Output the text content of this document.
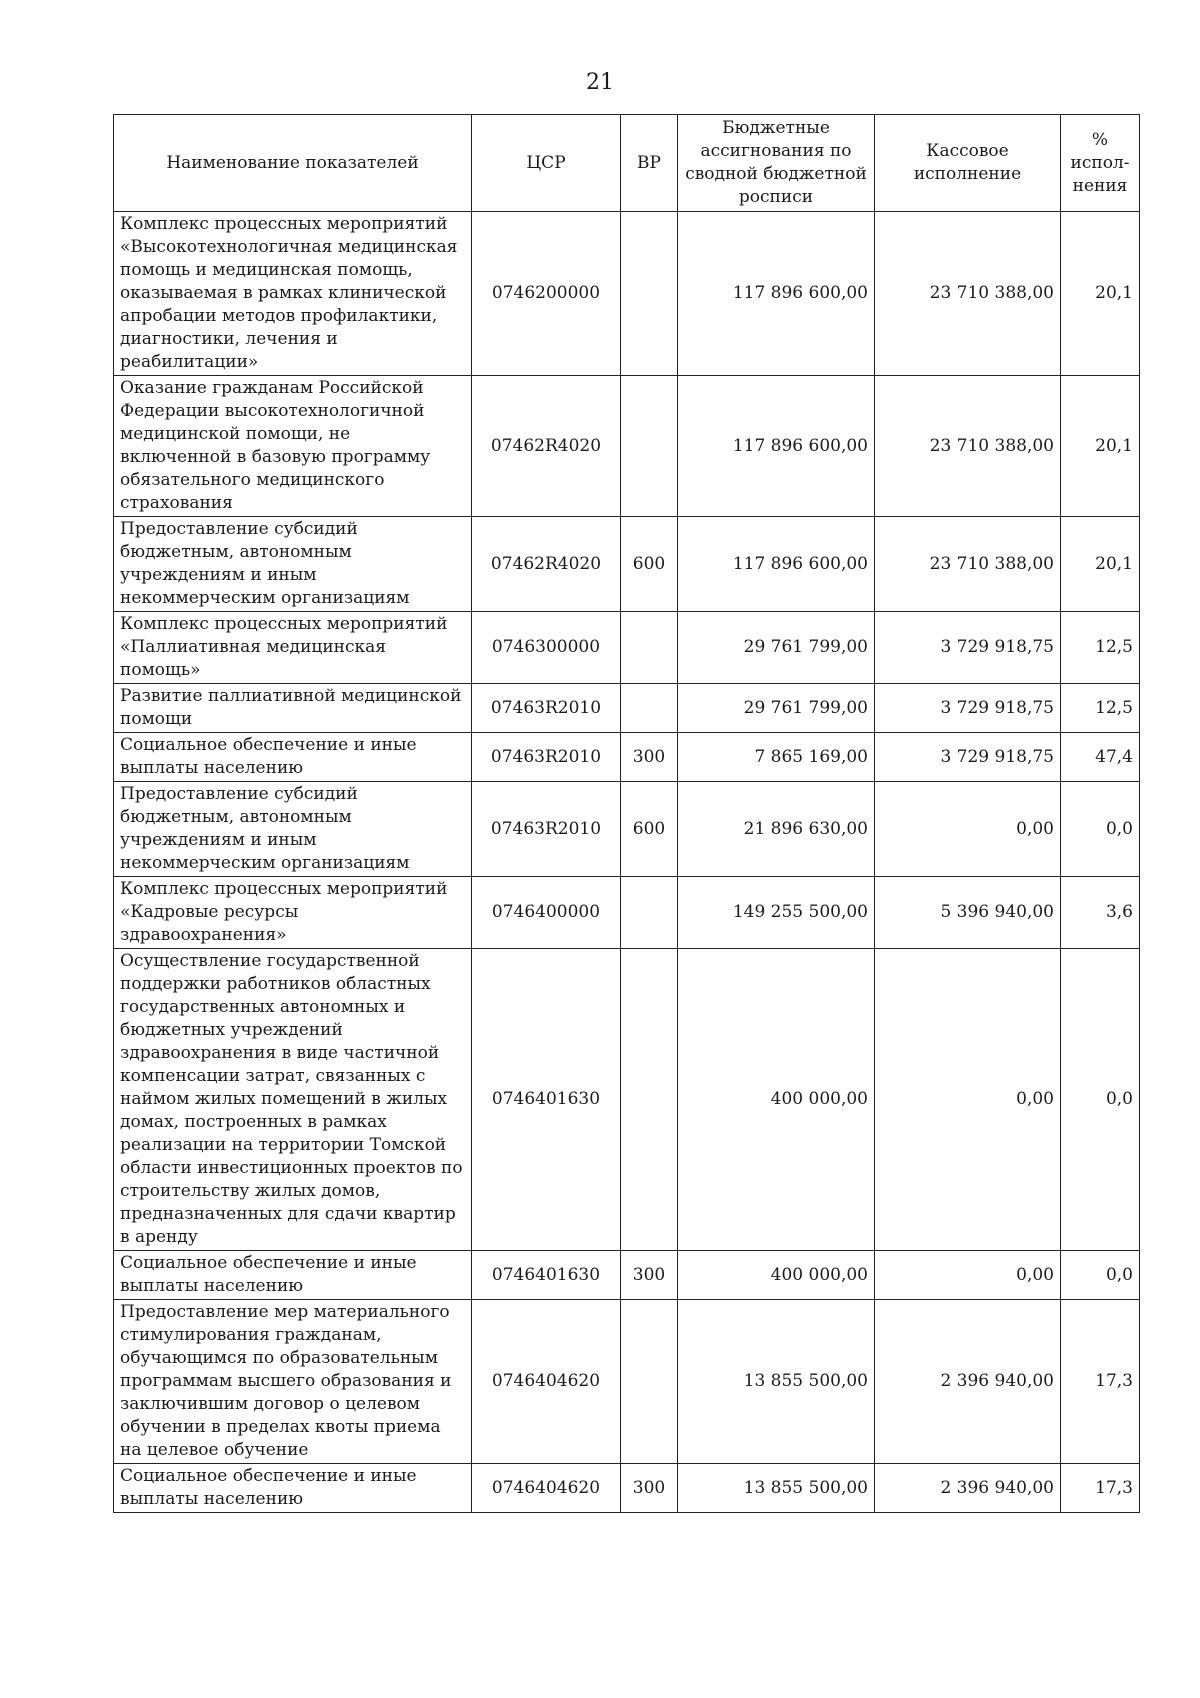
21
Наименование показателей	ЦСР	ВР	Бюджетные ассигнования по сводной бюджетной росписи	Кассовое исполнение	% испол-нения
Комплекс процессных мероприятий «Высокотехнологичная медицинская помощь и медицинская помощь, оказываемая в рамках клинической апробации методов профилактики, диагностики, лечения и реабилитации»	0746200000		117 896 600,00	23 710 388,00	20,1
Оказание гражданам Российской Федерации высокотехнологичной медицинской помощи, не включенной в базовую программу обязательного медицинского страхования	07462R4020		117 896 600,00	23 710 388,00	20,1
Предоставление субсидий бюджетным, автономным учреждениям и иным некоммерческим организациям	07462R4020	600	117 896 600,00	23 710 388,00	20,1
Комплекс процессных мероприятий «Паллиативная медицинская помощь»	0746300000		29 761 799,00	3 729 918,75	12,5
Развитие паллиативной медицинской помощи	07463R2010		29 761 799,00	3 729 918,75	12,5
Социальное обеспечение и иные выплаты населению	07463R2010	300	7 865 169,00	3 729 918,75	47,4
Предоставление субсидий бюджетным, автономным учреждениям и иным некоммерческим организациям	07463R2010	600	21 896 630,00	0,00	0,0
Комплекс процессных мероприятий «Кадровые ресурсы здравоохранения»	0746400000		149 255 500,00	5 396 940,00	3,6
Осуществление государственной поддержки работников областных государственных автономных и бюджетных учреждений здравоохранения в виде частичной компенсации затрат, связанных с наймом жилых помещений в жилых домах, построенных в рамках реализации на территории Томской области инвестиционных проектов по строительству жилых домов, предназначенных для сдачи квартир в аренду	0746401630		400 000,00	0,00	0,0
Социальное обеспечение и иные выплаты населению	0746401630	300	400 000,00	0,00	0,0
Предоставление мер материального стимулирования гражданам, обучающимся по образовательным программам высшего образования и заключившим договор о целевом обучении в пределах квоты приема на целевое обучение	0746404620		13 855 500,00	2 396 940,00	17,3
Социальное обеспечение и иные выплаты населению	0746404620	300	13 855 500,00	2 396 940,00	17,3
